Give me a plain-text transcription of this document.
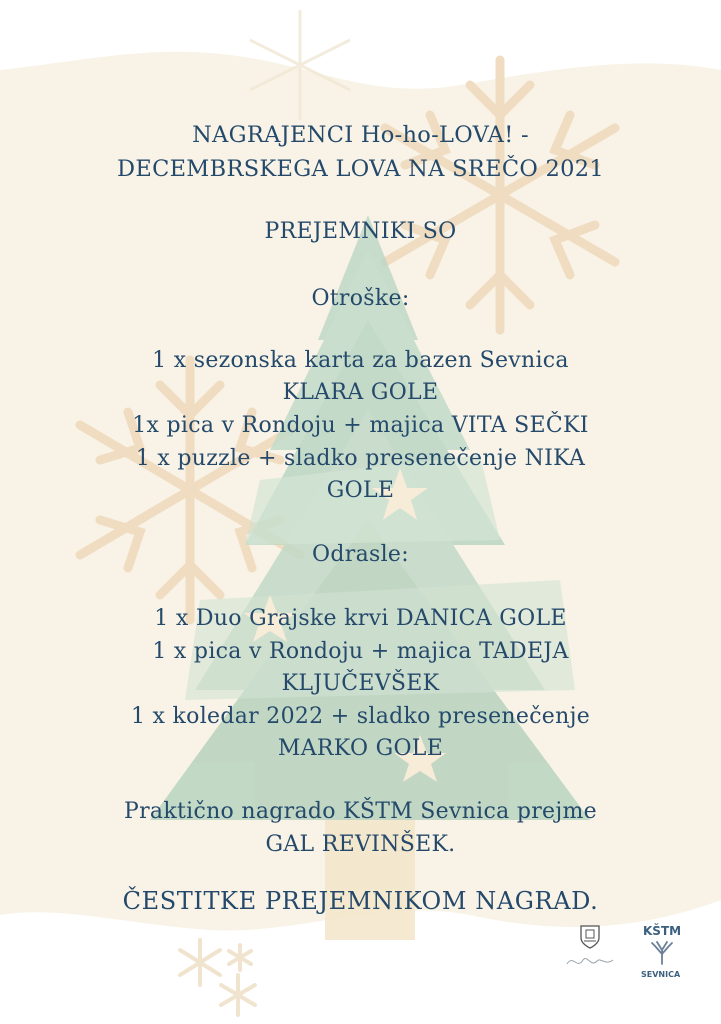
NAGRAJENCI Ho-ho-LOVA! -
DECEMBRSKEGA LOVA NA SREČO 2021
PREJEMNIKI SO
Otroške:
1 x sezonska karta za bazen Sevnica
KLARA GOLE
1x pica v Rondoju + majica VITA SEČKI
1 x puzzle + sladko presenečenje NIKA
GOLE
Odrasle:
1 x Duo Grajske krvi DANICA GOLE
1 x pica v Rondoju + majica TADEJA
KLJUČEVŠEK
1 x koledar 2022 + sladko presenečenje
MARKO GOLE
Praktično nagrado KŠTM Sevnica prejme
GAL REVINŠEK.
ČESTITKE PREJEMNIKOM NAGRAD.
KŠTM
SEVNICA
